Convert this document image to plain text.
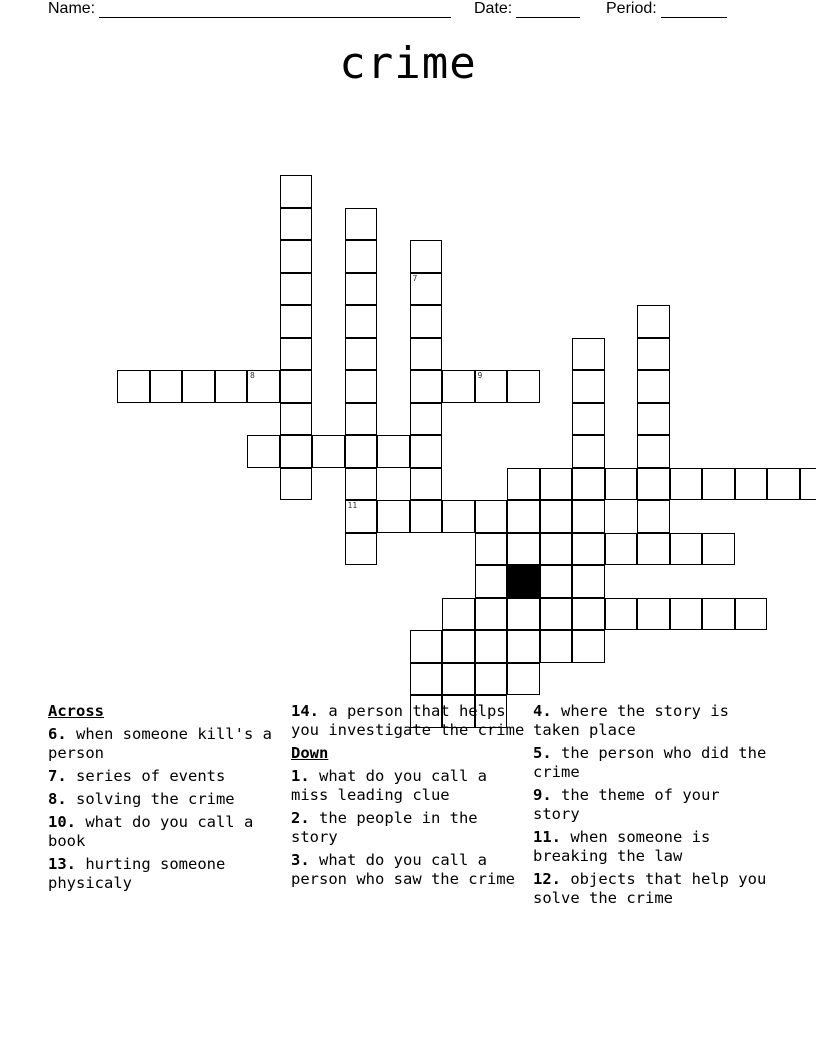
Name:	Date:	Period:
crime
11
7
8	9
Across
6. when someone kill's a person
7. series of events
8. solving the crime
10. what do you call a book
13. hurting someone physicaly
14. a person that helps you investigate the crime
Down
1. what do you call a miss leading clue
2. the people in the story
3. what do you call a person who saw the crime
4. where the story is taken place
5. the person who did the crime
9. the theme of your story
11. when someone is breaking the law
12. objects that help you solve the crime
